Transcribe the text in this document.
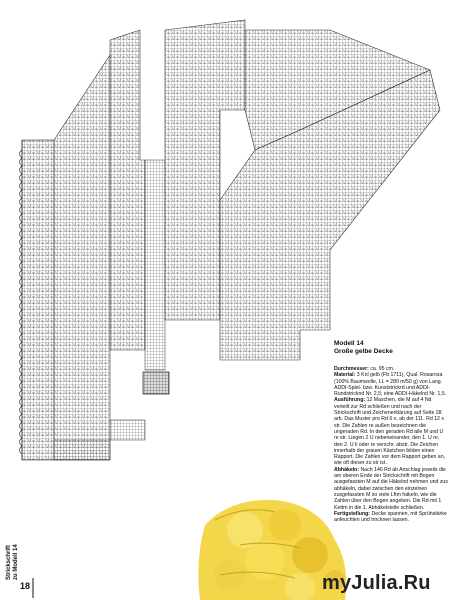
Modell 14
Große gelbe Decke

Durchmesser: ca. 95 cm.

Material: 3 Knl gelb (Fb 1711), Qual. Rosarosa (100% Baumwolle, LL = 280 m/50 g) von Lang. ADDI-Spiel- bzw. Kunststrickrd und ADDI-Rundstricknd Nr. 2,5; eine ADDI-Häkelnd Nr. 1,5.

Ausführung: 12 Maschen, die M auf 4 Nd verteilt zur Rd schließen und nach der Strickschrift und Zeichenerklärung auf Seite 28 arb. Das Muster pro Rd 6 x, ab der 111. Rd 12 x str. Die Zahlen re außen bezeichnen die ungeraden Rd. In den geraden Rd alle M und U re str. Liegen 2 U nebeneinander, den 1. U re, den 2. U li oder re verschr. abstr. Die Zeichen innerhalb der grauen Kästchen bilden einen Rapport. Die Zahlen vor dem Rapport geben an, wie oft dieser zu str ist.

Abhäkeln: Nach 146 Rd ab Anschlag jeweils die am oberen Ende der Strickschrift mit Bogen ausgefassten M auf die Häkelnd nehmen und zus abhäkeln, dabei zwischen den einzelnen zusgefassten M so viele Lftm häkeln, wie die Zahlen über den Bogen angeben. Die Rd mit 1 Kettm in die 1. Abhäkelstelle schließen.

Fertigstellung: Decke spannen, mit Sprühstärke anfeuchten und trocknen lassen.

Strickschrift
zu Modell 14
18	myJulia.Ru
